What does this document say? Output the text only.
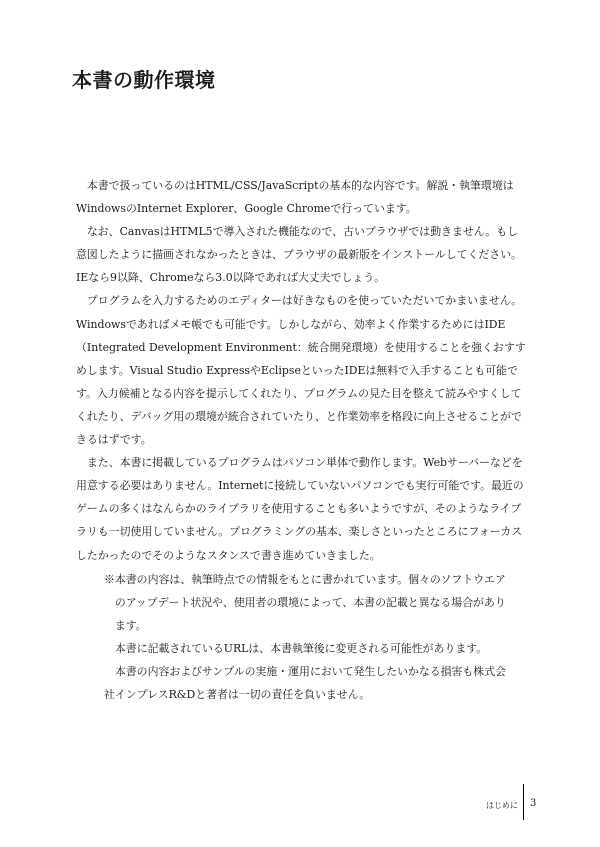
本書の動作環境

本書で扱っているのはHTML/CSS/JavaScriptの基本的な内容です。解説・執筆環境はWindowsのInternet Explorer、Google Chromeで行っています。

なお、CanvasはHTML5で導入された機能なので、古いブラウザでは動きません。もし意図したように描画されなかったときは、ブラウザの最新版をインストールしてください。IEなら9以降、Chromeなら3.0以降であれば大丈夫でしょう。

プログラムを入力するためのエディターは好きなものを使っていただいてかまいません。Windowsであればメモ帳でも可能です。しかしながら、効率よく作業するためにはIDE（Integrated Development Environment：統合開発環境）を使用することを強くおすすめします。Visual Studio ExpressやEclipseといったIDEは無料で入手することも可能です。入力候補となる内容を提示してくれたり、プログラムの見た目を整えて読みやすくしてくれたり、デバッグ用の環境が統合されていたり、と作業効率を格段に向上させることができるはずです。

また、本書に掲載しているプログラムはパソコン単体で動作します。Webサーバーなどを用意する必要はありません。Internetに接続していないパソコンでも実行可能です。最近のゲームの多くはなんらかのライブラリを使用することも多いようですが、そのようなライブラリも一切使用していません。プログラミングの基本、楽しさといったところにフォーカスしたかったのでそのようなスタンスで書き進めていきました。

※本書の内容は、執筆時点での情報をもとに書かれています。個々のソフトウエアのアップデート状況や、使用者の環境によって、本書の記載と異なる場合があります。

本書に記載されているURLは、本書執筆後に変更される可能性があります。

本書の内容およびサンプルの実施・運用において発生したいかなる損害も株式会社インプレスR&Dと著者は一切の責任を負いません。

はじめに 3
